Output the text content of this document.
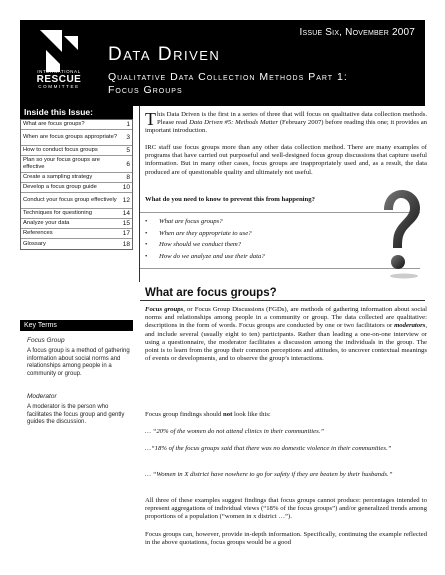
INTERNATIONAL
RESCUE
COMMITTEE
Issue Six, November 2007
Data Driven
Qualitative Data Collection Methods Part 1:
Focus Groups
Inside this Issue:
What are focus groups?	1
When are focus groups appropriate?	3
How to conduct focus groups	5
Plan so your focus groups are effective	6
Create a sampling strategy	8
Develop a focus group guide	10
Conduct your focus group effectively 12
Techniques for questioning	14
Analyze your data	15
References	17
Glossary	18
Key Terms
Focus Group
A focus group is a method of gathering information about social norms and relationships among people in a community or group.
Moderator
A moderator is the person who facilitates the focus group and gently guides the discussion.
This Data Driven is the first in a series of three that will focus on qualitative data collection methods. Please read Data Driven #5: Methods Matter (February 2007) before reading this one; it provides an important introduction.
IRC staff use focus groups more than any other data collection method. There are many examples of programs that have carried out purposeful and well-designed focus group discussions that capture useful information. But in many other cases, focus groups are inappropriately used and, as a result, the data produced are of questionable quality and ultimately not useful.
What do you need to know to prevent this from happening?
• What are focus groups?
• When are they appropriate to use?
• How should we conduct them?
• How do we analyze and use their data?
What are focus groups?
Focus groups, or Focus Group Discussions (FGDs), are methods of gathering information about social norms and relationships among people in a community or group. The data collected are qualitative: descriptions in the form of words. Focus groups are conducted by one or two facilitators or moderators, and include several (usually eight to ten) participants. Rather than leading a one-on-one interview or using a questionnaire, the moderator facilitates a discussion among the individuals in the group. The point is to learn from the group their common perceptions and attitudes, to uncover contextual meanings of events or developments, and to observe the group’s interactions.
Focus group findings should not look like this:
… “20% of the women do not attend clinics in their communities.”
…“18% of the focus groups said that there was no domestic violence in their communities.”
… “Women in X district have nowhere to go for safety if they are beaten by their husbands.”
All three of these examples suggest findings that focus groups cannot produce: percentages intended to represent aggregations of individual views (“18% of the focus groups”) and/or generalized trends among proportions of a population (“women in x district …”).
Focus groups can, however, provide in-depth information. Specifically, continuing the example reflected in the above quotations, focus groups would be a good
